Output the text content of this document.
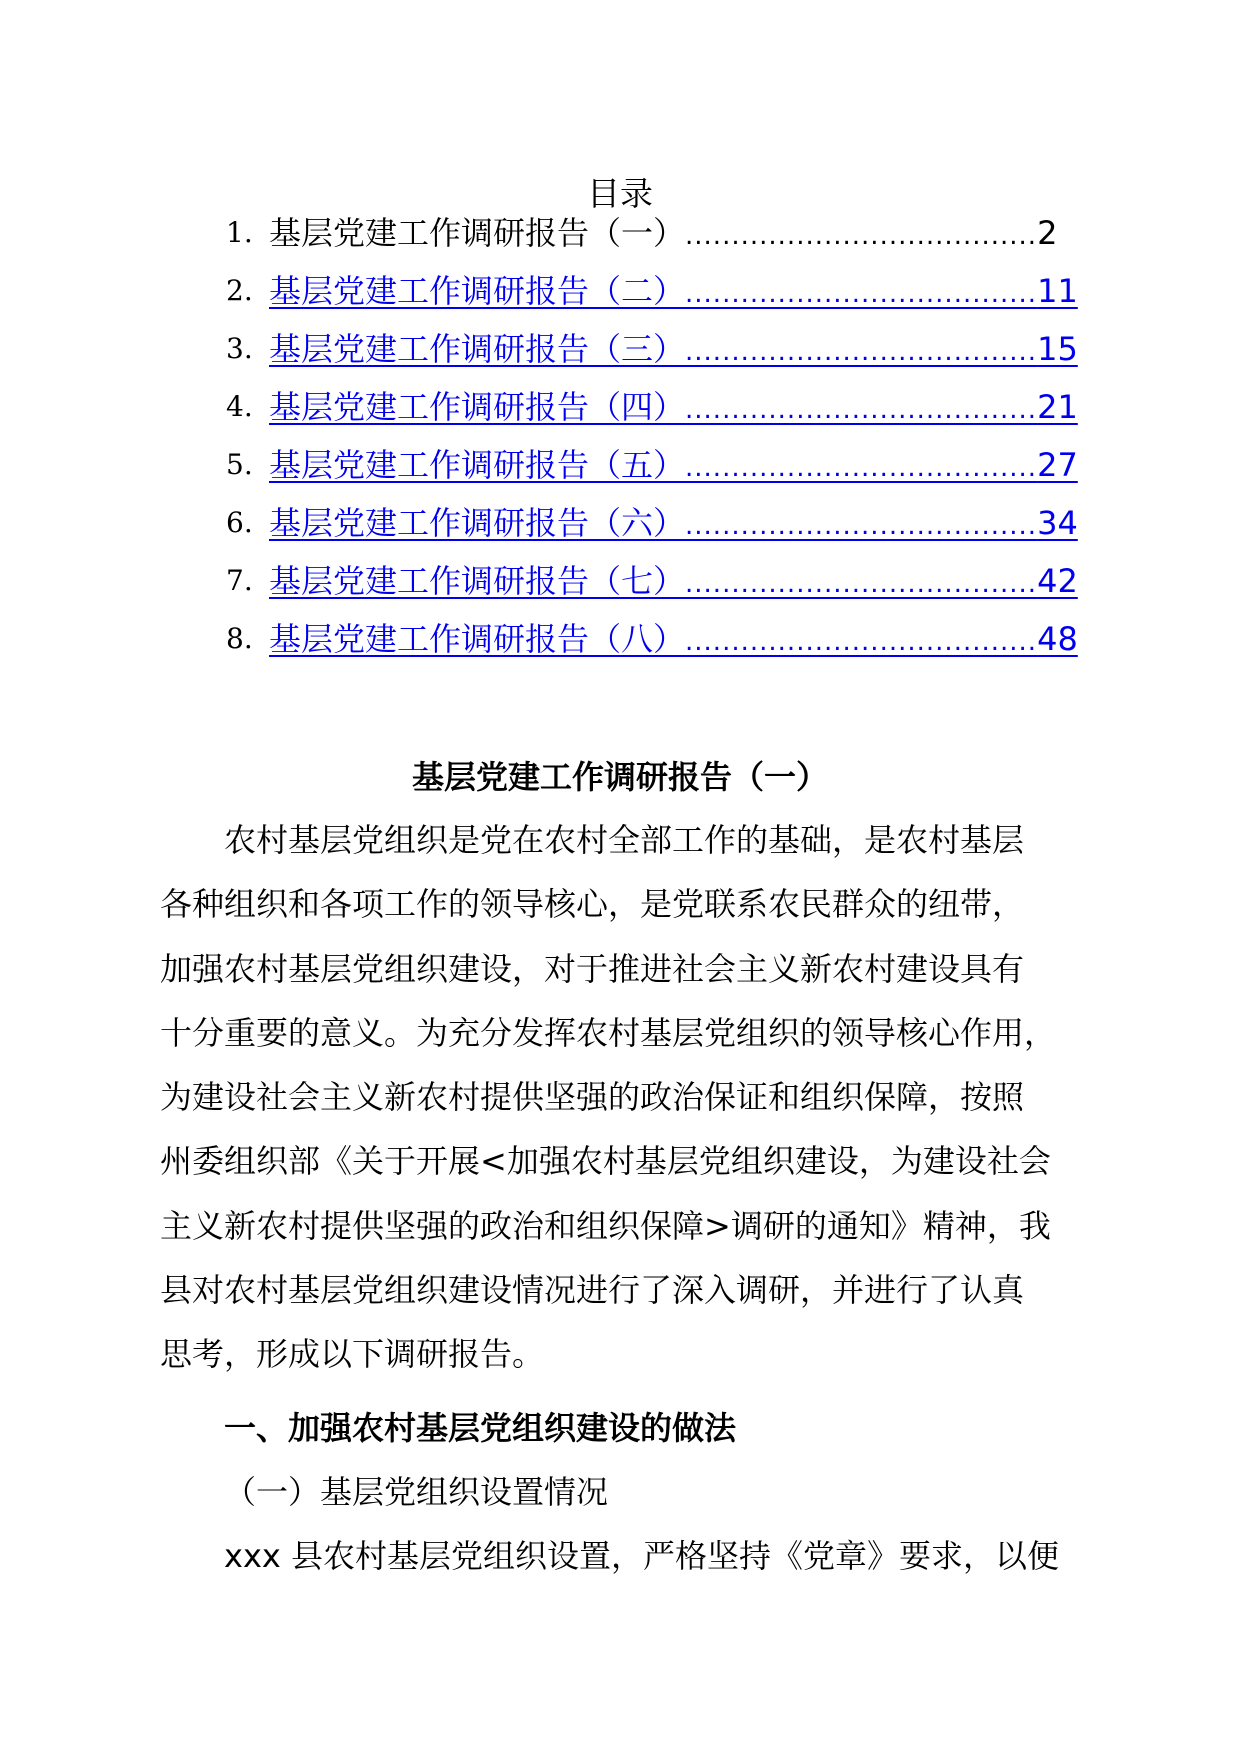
目录
1. 基层党建工作调研报告（一） ...................................... 2
2. 基层党建工作调研报告（二） ...................................... 11
3. 基层党建工作调研报告（三） ...................................... 15
4. 基层党建工作调研报告（四） ...................................... 21
5. 基层党建工作调研报告（五） ...................................... 27
6. 基层党建工作调研报告（六） ...................................... 34
7. 基层党建工作调研报告（七） ...................................... 42
8. 基层党建工作调研报告（八） ...................................... 48
基层党建工作调研报告（一）
农村基层党组织是党在农村全部工作的基础，是农村基层
各种组织和各项工作的领导核心，是党联系农民群众的纽带，
加强农村基层党组织建设，对于推进社会主义新农村建设具有
十分重要的意义。为充分发挥农村基层党组织的领导核心作用，
为建设社会主义新农村提供坚强的政治保证和组织保障，按照
州委组织部《关于开展<加强农村基层党组织建设，为建设社会
主义新农村提供坚强的政治和组织保障>调研的通知》精神，我
县对农村基层党组织建设情况进行了深入调研，并进行了认真
思考，形成以下调研报告。
一、加强农村基层党组织建设的做法
（一）基层党组织设置情况
xxx 县农村基层党组织设置，严格坚持《党章》要求，以便
